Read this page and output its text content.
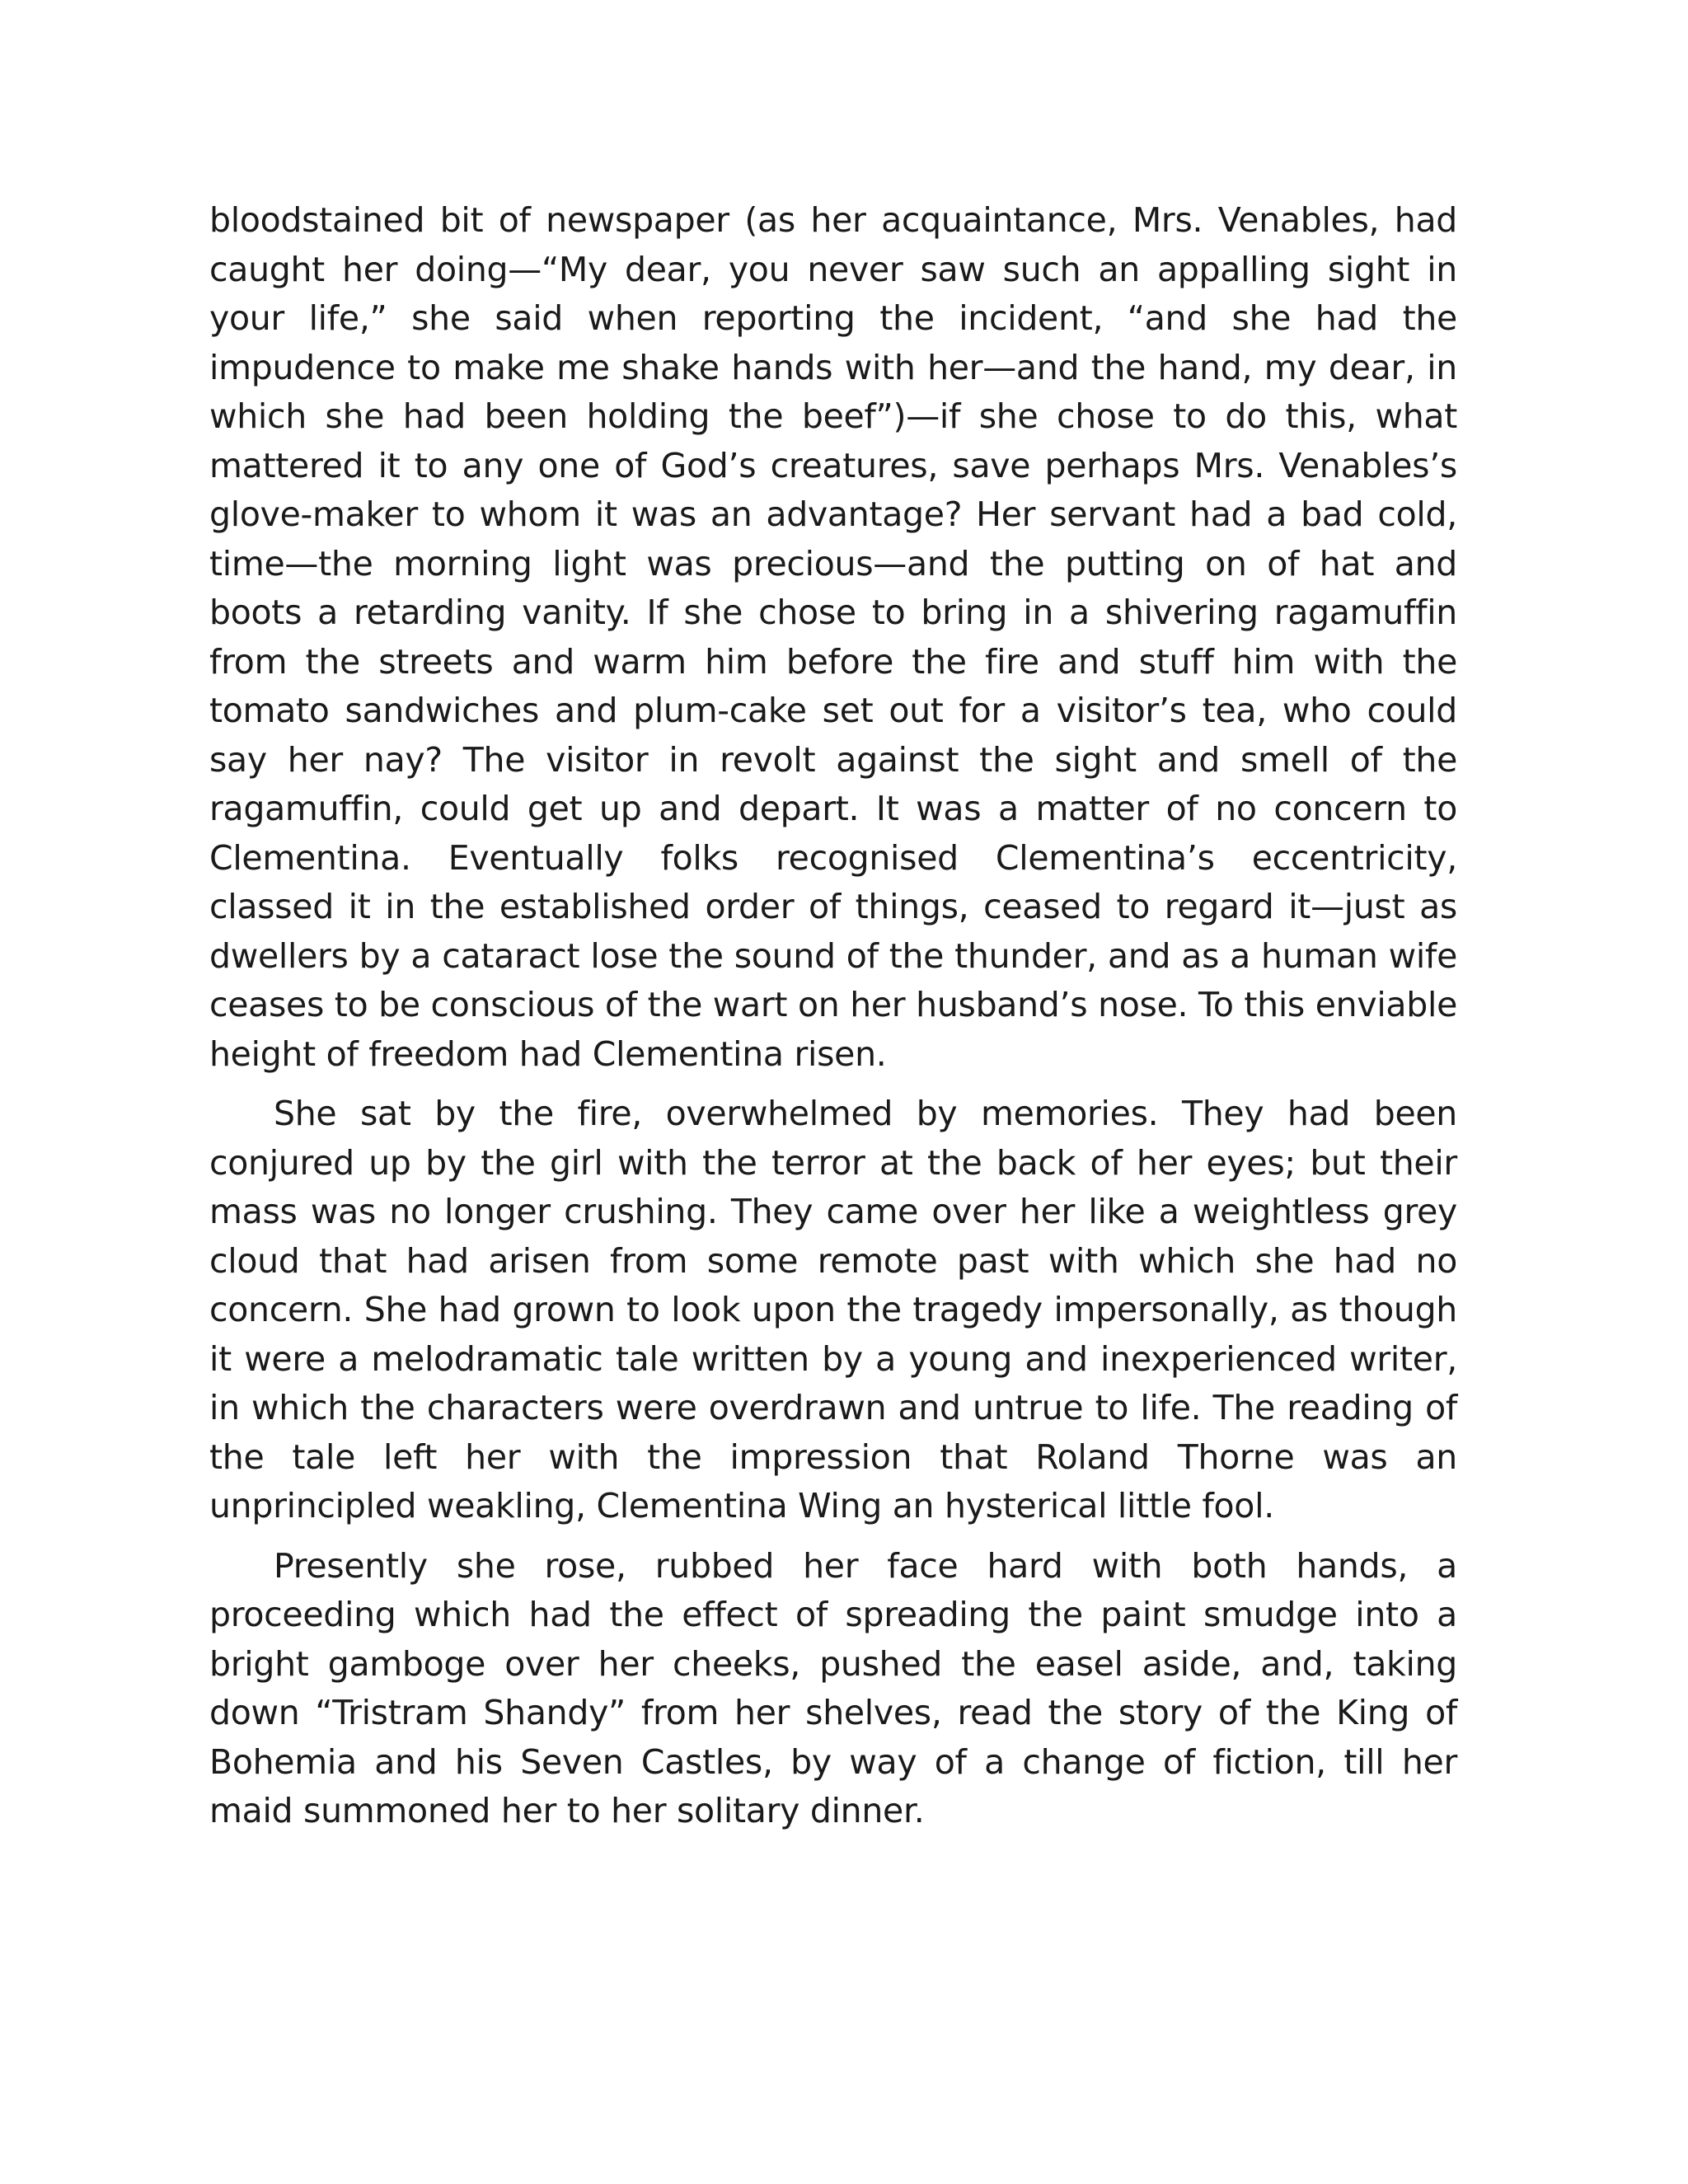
bloodstained bit of newspaper (as her acquaintance, Mrs. Venables, had caught her doing—“My dear, you never saw such an appalling sight in your life,” she said when reporting the incident, “and she had the impudence to make me shake hands with her—and the hand, my dear, in which she had been holding the beef”)—if she chose to do this, what mattered it to any one of God’s creatures, save perhaps Mrs. Venables’s glove-maker to whom it was an advantage? Her servant had a bad cold, time—the morning light was precious—and the putting on of hat and boots a retarding vanity. If she chose to bring in a shivering ragamuffin from the streets and warm him before the fire and stuff him with the tomato sandwiches and plum-cake set out for a visitor’s tea, who could say her nay? The visitor in revolt against the sight and smell of the ragamuffin, could get up and depart. It was a matter of no concern to Clementina. Eventually folks recognised Clementina’s eccentricity, classed it in the established order of things, ceased to regard it—just as dwellers by a cataract lose the sound of the thunder, and as a human wife ceases to be conscious of the wart on her husband’s nose. To this enviable height of freedom had Clementina risen.

She sat by the fire, overwhelmed by memories. They had been conjured up by the girl with the terror at the back of her eyes; but their mass was no longer crushing. They came over her like a weightless grey cloud that had arisen from some remote past with which she had no concern. She had grown to look upon the tragedy impersonally, as though it were a melodramatic tale written by a young and inexperienced writer, in which the characters were overdrawn and untrue to life. The reading of the tale left her with the impression that Roland Thorne was an unprincipled weakling, Clementina Wing an hysterical little fool.

Presently she rose, rubbed her face hard with both hands, a proceeding which had the effect of spreading the paint smudge into a bright gamboge over her cheeks, pushed the easel aside, and, taking down “Tristram Shandy” from her shelves, read the story of the King of Bohemia and his Seven Castles, by way of a change of fiction, till her maid summoned her to her solitary dinner.
